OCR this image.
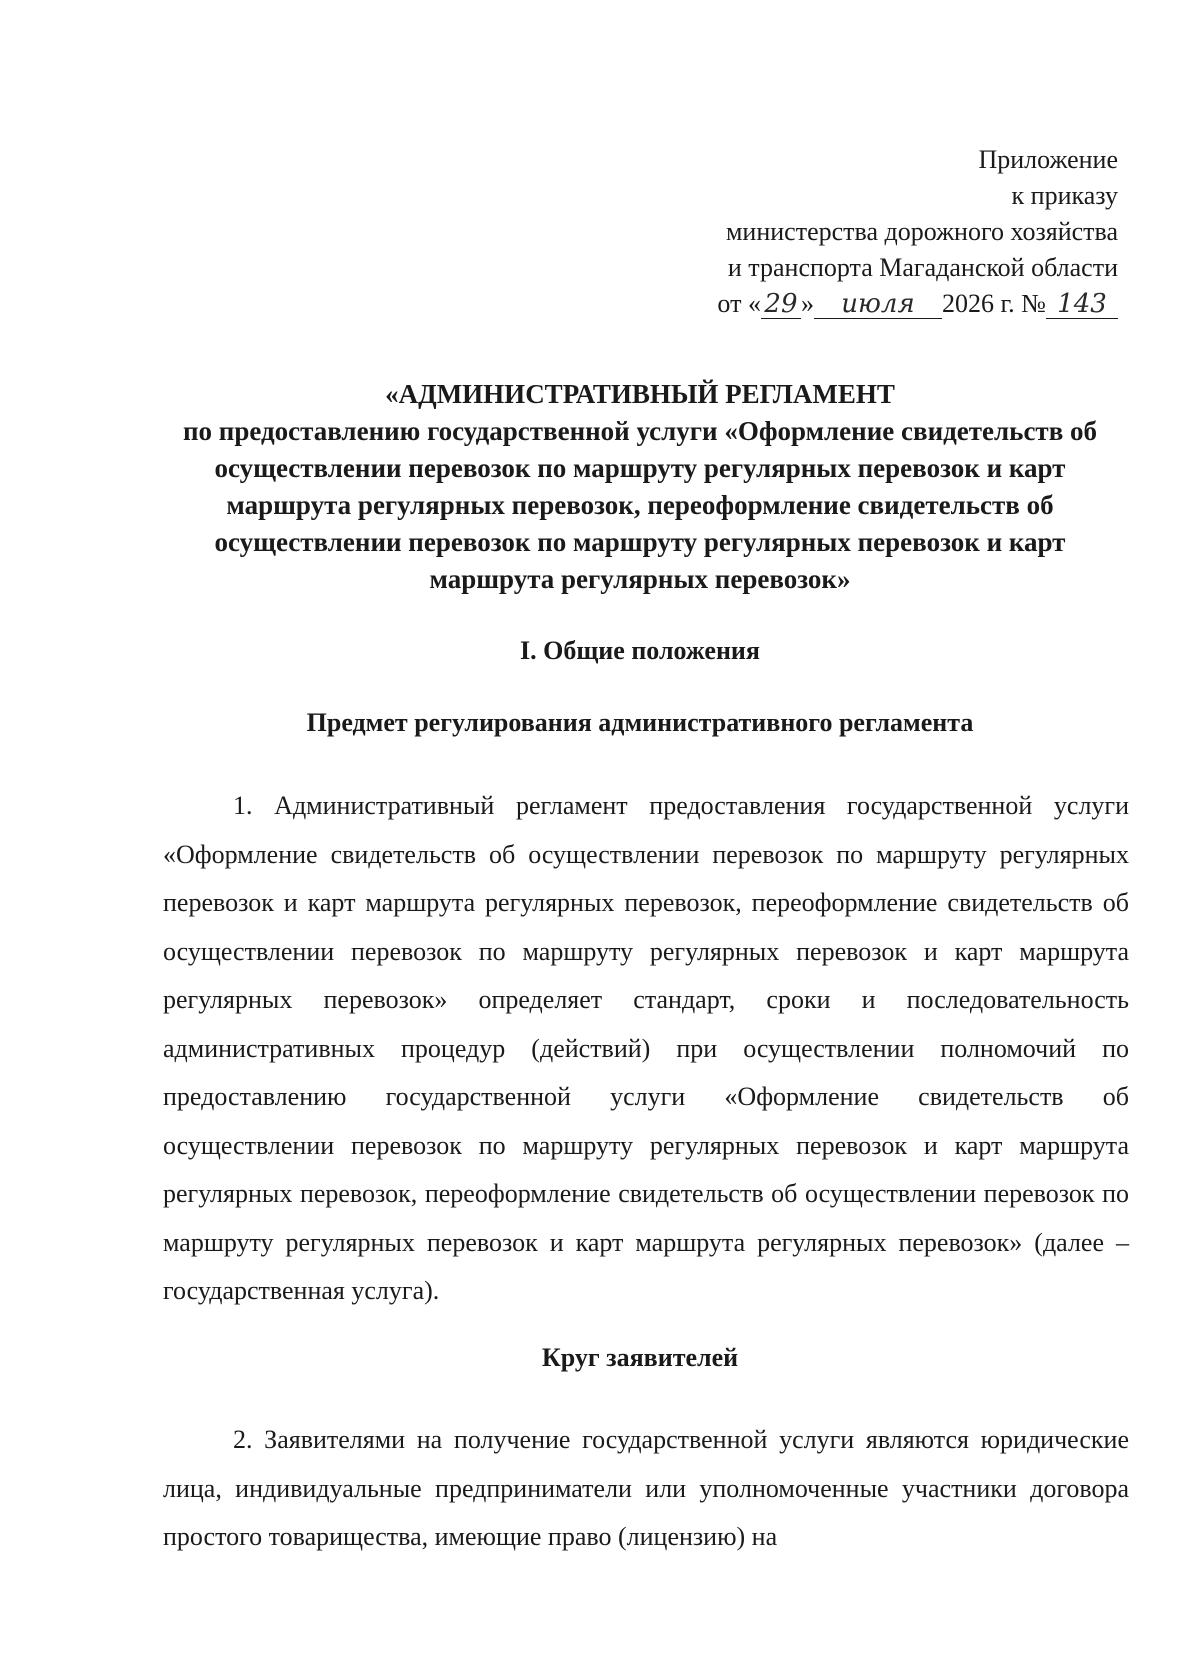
Приложение
к приказу
министерства дорожного хозяйства
и транспорта Магаданской области
от « 29 » июля 2026 г. № 143
«АДМИНИСТРАТИВНЫЙ РЕГЛАМЕНТ
по предоставлению государственной услуги «Оформление свидетельств об осуществлении перевозок по маршруту регулярных перевозок и карт маршрута регулярных перевозок, переоформление свидетельств об осуществлении перевозок по маршруту регулярных перевозок и карт маршрута регулярных перевозок»
I. Общие положения
Предмет регулирования административного регламента
1. Административный регламент предоставления государственной услуги «Оформление свидетельств об осуществлении перевозок по маршруту регулярных перевозок и карт маршрута регулярных перевозок, переоформление свидетельств об осуществлении перевозок по маршруту регулярных перевозок и карт маршрута регулярных перевозок» определяет стандарт, сроки и последовательность административных процедур (действий) при осуществлении полномочий по предоставлению государственной услуги «Оформление свидетельств об осуществлении перевозок по маршруту регулярных перевозок и карт маршрута регулярных перевозок, переоформление свидетельств об осуществлении перевозок по маршруту регулярных перевозок и карт маршрута регулярных перевозок» (далее – государственная услуга).
Круг заявителей
2. Заявителями на получение государственной услуги являются юридические лица, индивидуальные предприниматели или уполномоченные участники договора простого товарищества, имеющие право (лицензию) на
